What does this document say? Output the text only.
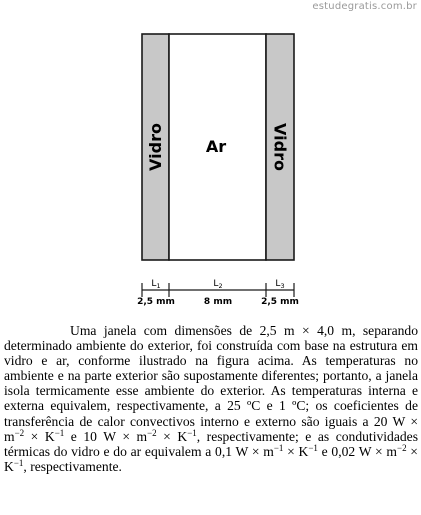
estudegratis.com.br
Vidro	Ar	Vidro
$L_1$	$L_2$	$L_3$
2,5 mm	8 mm	2,5 mm

Uma janela com dimensões de 2,5 m × 4,0 m, separando determinado ambiente do exterior, foi construída com base na estrutura em vidro e ar, conforme ilustrado na figura acima. As temperaturas no ambiente e na parte exterior são supostamente diferentes; portanto, a janela isola termicamente esse ambiente do exterior. As temperaturas interna e externa equivalem, respectivamente, a 25 ºC e 1 ºC; os coeficientes de transferência de calor convectivos interno e externo são iguais a 20 $W \times m^{-2} \times K^{-1}$ e 10 $W \times m^{-2} \times K^{-1}$, respectivamente; e as condutividades térmicas do vidro e do ar equivalem a 0,1 $W \times m^{-1} \times K^{-1}$ e 0,02 $W \times m^{-2} \times K^{-1}$, respectivamente.
